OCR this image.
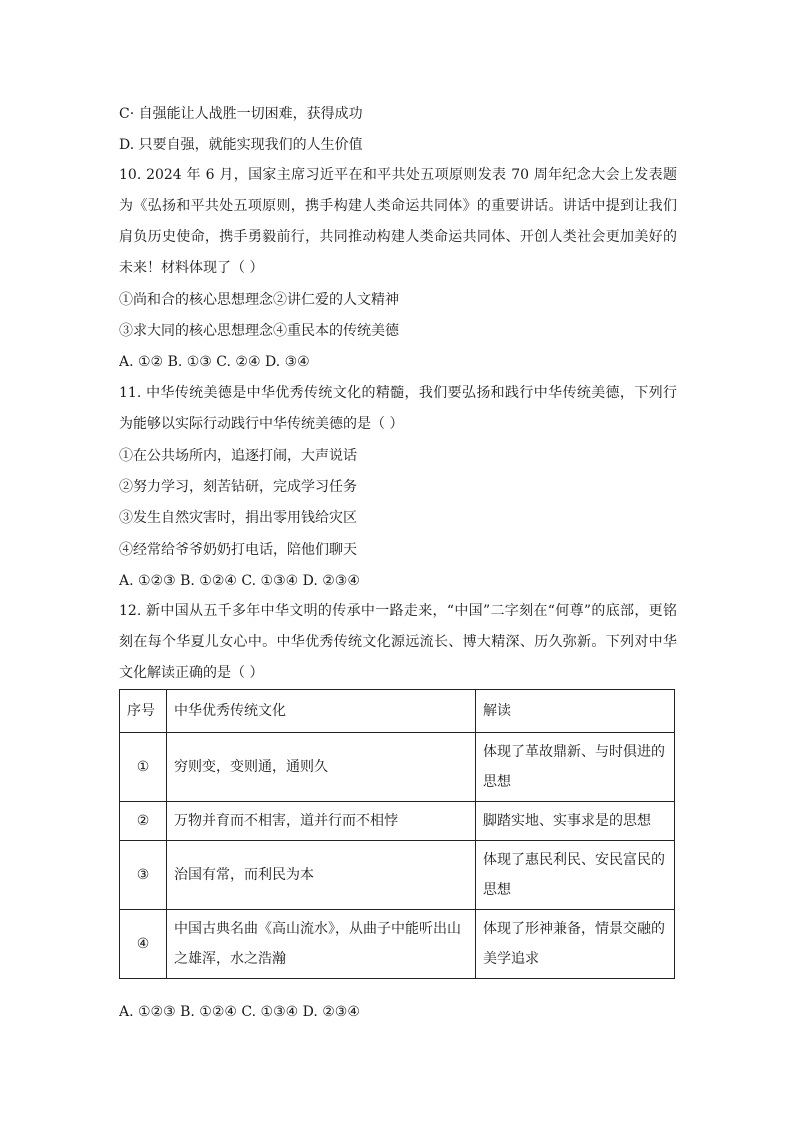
C· 自强能让人战胜一切困难，获得成功
D. 只要自强，就能实现我们的人生价值
10. 2024 年 6 月，国家主席习近平在和平共处五项原则发表 70 周年纪念大会上发表题为《弘扬和平共处五项原则，携手构建人类命运共同体》的重要讲话。讲话中提到让我们肩负历史使命，携手勇毅前行，共同推动构建人类命运共同体、开创人类社会更加美好的未来！材料体现了（ ）
①尚和合的核心思想理念②讲仁爱的人文精神
③求大同的核心思想理念④重民本的传统美德
A. ①② B. ①③ C. ②④ D. ③④
11. 中华传统美德是中华优秀传统文化的精髓，我们要弘扬和践行中华传统美德，下列行为能够以实际行动践行中华传统美德的是（ ）
①在公共场所内，追逐打闹，大声说话
②努力学习，刻苦钻研，完成学习任务
③发生自然灾害时，捐出零用钱给灾区
④经常给爷爷奶奶打电话，陪他们聊天
A. ①②③ B. ①②④ C. ①③④ D. ②③④
12. 新中国从五千多年中华文明的传承中一路走来，“中国”二字刻在“何尊”的底部，更铭刻在每个华夏儿女心中。中华优秀传统文化源远流长、博大精深、历久弥新。下列对中华文化解读正确的是（ ）
序号	中华优秀传统文化	解读
①	穷则变，变则通，通则久	体现了革故鼎新、与时俱进的思想
②	万物并育而不相害，道并行而不相悖	脚踏实地、实事求是的思想
③	治国有常，而利民为本	体现了惠民利民、安民富民的思想
④	中国古典名曲《高山流水》，从曲子中能听出山之雄浑，水之浩瀚	体现了形神兼备，情景交融的美学追求
A. ①②③ B. ①②④ C. ①③④ D. ②③④
